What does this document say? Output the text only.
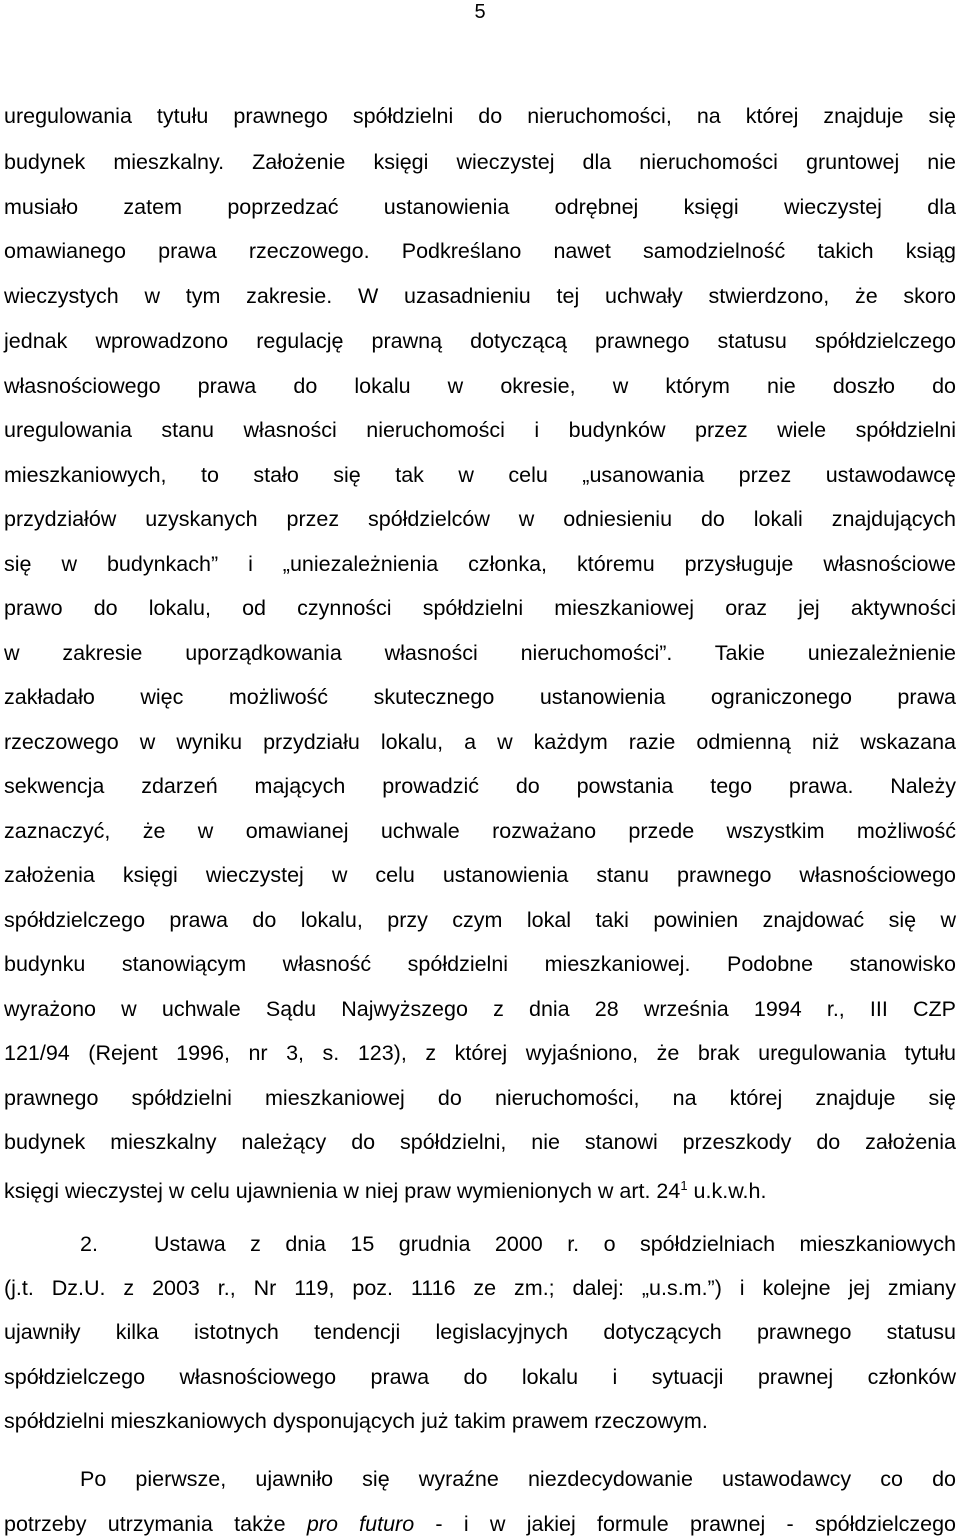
5
uregulowania tytułu prawnego spółdzielni do nieruchomości, na której znajduje się
budynek mieszkalny. Założenie księgi wieczystej dla nieruchomości gruntowej nie
musiało zatem poprzedzać ustanowienia odrębnej księgi wieczystej dla
omawianego prawa rzeczowego. Podkreślano nawet samodzielność takich ksiąg
wieczystych w tym zakresie. W uzasadnieniu tej uchwały stwierdzono, że skoro
jednak wprowadzono regulację prawną dotyczącą prawnego statusu spółdzielczego
własnościowego prawa do lokalu w okresie, w którym nie doszło do
uregulowania stanu własności nieruchomości i budynków przez wiele spółdzielni
mieszkaniowych, to stało się tak w celu „usanowania przez ustawodawcę
przydziałów uzyskanych przez spółdzielców w odniesieniu do lokali znajdujących
się w budynkach” i „uniezależnienia członka, któremu przysługuje własnościowe
prawo do lokalu, od czynności spółdzielni mieszkaniowej oraz jej aktywności
w zakresie uporządkowania własności nieruchomości”. Takie uniezależnienie
zakładało więc możliwość skutecznego ustanowienia ograniczonego prawa
rzeczowego w wyniku przydziału lokalu, a w każdym razie odmienną niż wskazana
sekwencja zdarzeń mających prowadzić do powstania tego prawa. Należy
zaznaczyć, że w omawianej uchwale rozważano przede wszystkim możliwość
założenia księgi wieczystej w celu ustanowienia stanu prawnego własnościowego
spółdzielczego prawa do lokalu, przy czym lokal taki powinien znajdować się w
budynku stanowiącym własność spółdzielni mieszkaniowej. Podobne stanowisko
wyrażono w uchwale Sądu Najwyższego z dnia 28 września 1994 r., III CZP
121/94 (Rejent 1996, nr 3, s. 123), z której wyjaśniono, że brak uregulowania tytułu
prawnego spółdzielni mieszkaniowej do nieruchomości, na której znajduje się
budynek mieszkalny należący do spółdzielni, nie stanowi przeszkody do założenia
księgi wieczystej w celu ujawnienia w niej praw wymienionych w art. $24^1$ u.k.w.h.
2.	Ustawa z dnia 15 grudnia 2000 r. o spółdzielniach mieszkaniowych
(j.t. Dz.U. z 2003 r., Nr 119, poz. 1116 ze zm.; dalej: „u.s.m.”) i kolejne jej zmiany
ujawniły kilka istotnych tendencji legislacyjnych dotyczących prawnego statusu
spółdzielczego własnościowego prawa do lokalu i sytuacji prawnej członków
spółdzielni mieszkaniowych dysponujących już takim prawem rzeczowym.
Po pierwsze, ujawniło się wyraźne niezdecydowanie ustawodawcy co do
potrzeby utrzymania także pro futuro - i w jakiej formule prawnej - spółdzielczego
